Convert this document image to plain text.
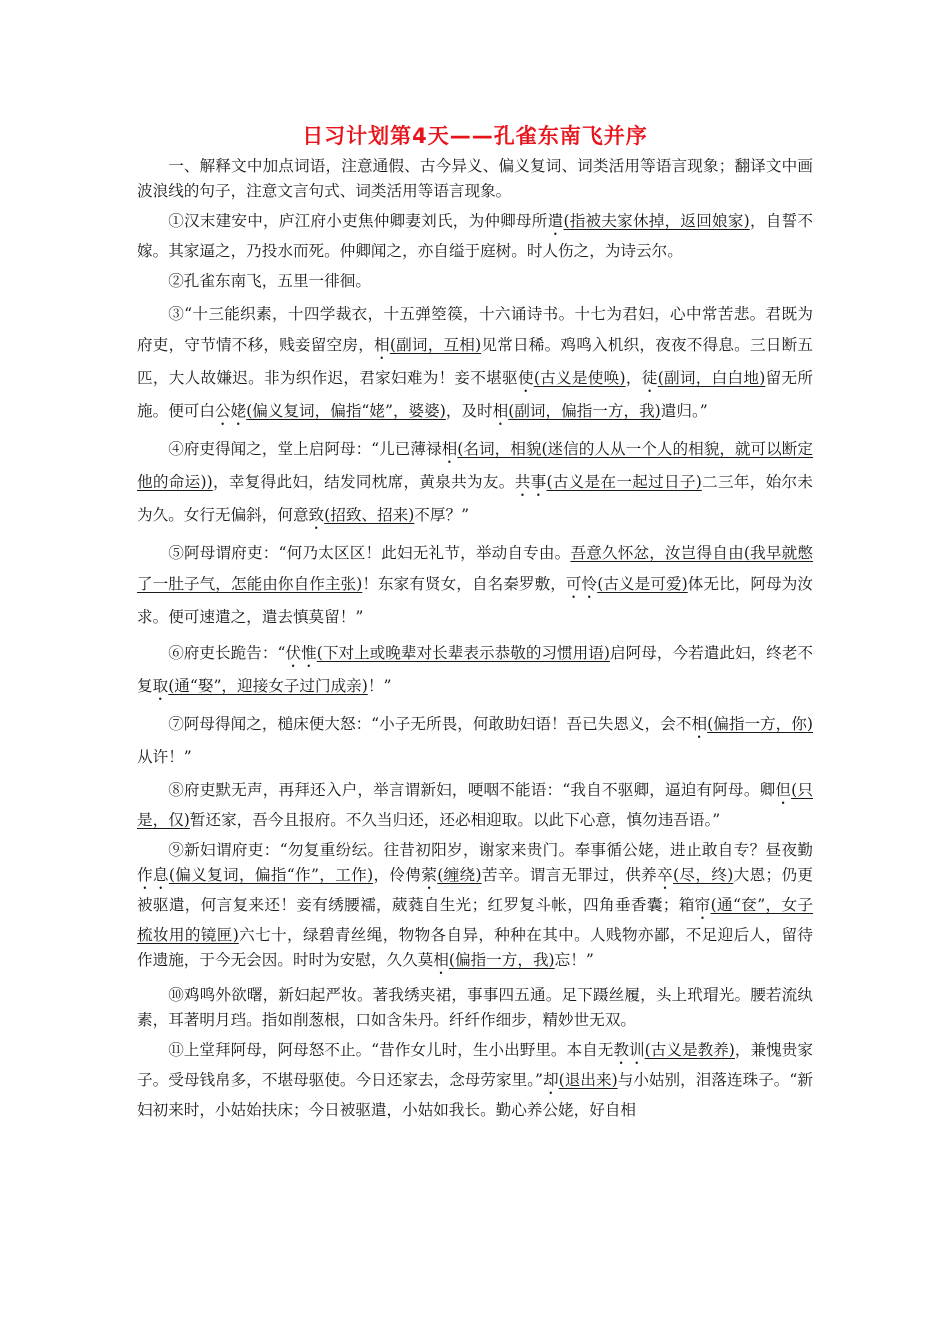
日习计划第4天——孔雀东南飞并序

一、解释文中加点词语，注意通假、古今异义、偏义复词、词类活用等语言现象；翻译文中画波浪线的句子，注意文言句式、词类活用等语言现象。

①汉末建安中，庐江府小吏焦仲卿妻刘氏，为仲卿母所遣(指被夫家休掉，返回娘家)，自誓不嫁。其家逼之，乃投水而死。仲卿闻之，亦自缢于庭树。时人伤之，为诗云尔。

②孔雀东南飞，五里一徘徊。

③“十三能织素，十四学裁衣，十五弹箜篌，十六诵诗书。十七为君妇，心中常苦悲。君既为府吏，守节情不移，贱妾留空房，相(副词，互相)见常日稀。鸡鸣入机织，夜夜不得息。三日断五匹，大人故嫌迟。非为织作迟，君家妇难为！妾不堪驱使(古义是使唤)，徒(副词，白白地)留无所施。便可白公姥(偏义复词，偏指“姥”，婆婆)，及时相(副词，偏指一方，我)遣归。”

④府吏得闻之，堂上启阿母：“儿已薄禄相(名词，相貌(迷信的人从一个人的相貌，就可以断定他的命运))，幸复得此妇，结发同枕席，黄泉共为友。共事(古义是在一起过日子)二三年，始尔未为久。女行无偏斜，何意致(招致、招来)不厚？”

⑤阿母谓府吏：“何乃太区区！此妇无礼节，举动自专由。吾意久怀忿，汝岂得自由(我早就憋了一肚子气，怎能由你自作主张)！东家有贤女，自名秦罗敷，可怜(古义是可爱)体无比，阿母为汝求。便可速遣之，遣去慎莫留！”

⑥府吏长跪告：“伏惟(下对上或晚辈对长辈表示恭敬的习惯用语)启阿母，今若遣此妇，终老不复取(通“娶”，迎接女子过门成亲)！”

⑦阿母得闻之，槌床便大怒：“小子无所畏，何敢助妇语！吾已失恩义，会不相(偏指一方，你)从许！”

⑧府吏默无声，再拜还入户，举言谓新妇，哽咽不能语：“我自不驱卿，逼迫有阿母。卿但(只是，仅)暂还家，吾今且报府。不久当归还，还必相迎取。以此下心意，慎勿违吾语。”

⑨新妇谓府吏：“勿复重纷纭。往昔初阳岁，谢家来贵门。奉事循公姥，进止敢自专？昼夜勤作息(偏义复词，偏指“作”，工作)，伶俜萦(缠绕)苦辛。谓言无罪过，供养卒(尽，终)大恩；仍更被驱遣，何言复来还！妾有绣腰襦，葳蕤自生光；红罗复斗帐，四角垂香囊；箱帘(通“奁”，女子梳妆用的镜匣)六七十，绿碧青丝绳，物物各自异，种种在其中。人贱物亦鄙，不足迎后人，留待作遗施，于今无会因。时时为安慰，久久莫相(偏指一方，我)忘！”

⑩鸡鸣外欲曙，新妇起严妆。著我绣夹裙，事事四五通。足下蹑丝履，头上玳瑁光。腰若流纨素，耳著明月珰。指如削葱根，口如含朱丹。纤纤作细步，精妙世无双。

⑪上堂拜阿母，阿母怒不止。“昔作女儿时，生小出野里。本自无教训(古义是教养)，兼愧贵家子。受母钱帛多，不堪母驱使。今日还家去，念母劳家里。”却(退出来)与小姑别，泪落连珠子。“新妇初来时，小姑始扶床；今日被驱遣，小姑如我长。勤心养公姥，好自相
